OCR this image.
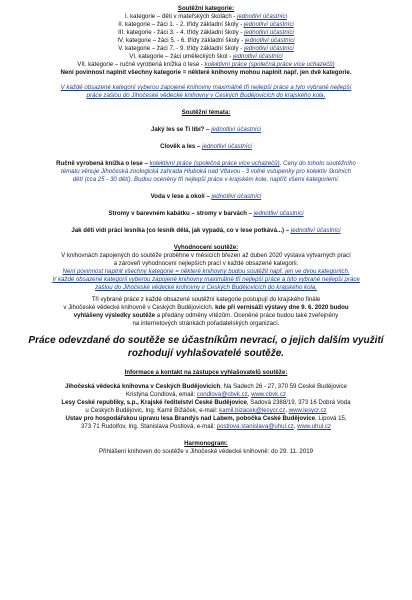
Soutěžní kategorie:
I. kategorie – děti v mateřských školách - jednotliví účastníci
II. kategorie – žáci 1. - 2. třídy základní školy - jednotliví účastníci
III. kategorie - žáci 3. - 4. třídy základní školy - jednotliví účastníci
IV. kategorie – žáci 5. - 6. třídy základní školy - jednotliví účastníci
V. kategorie – žáci 7. - 9. třídy základní školy - jednotliví účastníci
VI. kategorie – žáci uměleckých škol - jednotliví účastníci
VII. kategorie – ručně vyrobená knížka o lese - kolektivní práce (společná práce více uchazečů)
Není povinnost naplnit všechny kategorie = některé knihovny mohou naplnit např. jen dvě kategorie.
V každé obsazené kategorii vyberou zapojené knihovny maximálně tři nejlepší práce a tyto vybrané nejlepší
práce zašlou do Jihočeské vědecké knihovny v Českých Budějovicích do krajského kola.
Soutěžní témata:
Jaký les se Ti líbí? – jednotliví účastníci
Člověk a les – jednotliví účastníci
Ručně vyrobená knížka o lese – kolektivní práce (společná práce více uchazečů). Ceny do tohoto soutěžního
tématu věnuje Jihočeská zoologická zahrada Hluboká nad Vltavou - 3 volné vstupenky pro kolektiv školních
dětí (cca 25 - 30 dětí). Budou oceněny tři nejlepší práce v krajském kole, napříč všemi kategoriemi.
Voda v lese a okolí – jednotliví účastníci
Stromy v barevném kabátku – stromy v barvách – jednotliví účastníci
Jak děti vidí práci lesníka (co lesník dělá, jak vypadá, co v lese potkává...) – jednotliví účastníci
Vyhodnocení soutěže:
V knihovnách zapojených do soutěže proběhne v měsících březen až duben 2020 výstava výtvarných prací
a zároveň vyhodnocení nejlepších prací v každé obsazené kategorii.
Není povinnost naplnit všechny kategorie = některé knihovny budou soutěžit např. jen ve dvou kategoriích.
V každé obsazené kategorii vyberou zapojené knihovny maximálně tři nejlepší práce a tyto vybrané nejlepší práce
zašlou do Jihočeské vědecké knihovny v Českých Budějovicích do krajského kola.
Tři vybrané práce z každé obsazené soutěžní kategorie postupují do krajského finále
v Jihočeské vědecké knihovně v Českých Budějovicích, kde při vernisáži výstavy dne 9. 6. 2020 budou
vyhlášeny výsledky soutěže a předány odměny vítězům. Oceněné práce budou také zveřejněny
na internetových stránkách pořadatelských organizací.
Práce odevzdané do soutěže se účastníkům nevrací, o jejich dalším využití
rozhodují vyhlašovatelé soutěže.
Informace a kontakt na zástupce vyhlašovatelů soutěže:
Jihočeská vědecká knihovna v Českých Budějovicích, Na Sadech 26 - 27, 370 59 České Budějovice
Kristýna Čondlová, email: condlova@cbvk.cz, www.cbvk.cz
Lesy České republiky, s.p., Krajské ředitelství České Budějovice, Sadová 2388/19, 373 16 Dobrá Voda
u Českých Budějovic, Ing. Kamil Bížáček, e-mail: kamil.bizacek@lesycr.cz, www.lesycr.cz
Ústav pro hospodářskou úpravu lesa Brandýs nad Labem, pobočka České Budějovice, Lipová 15,
373 71 Rudolfov, Ing. Stanislava Postlová, e-mail: postlova.stanislava@uhul.cz, www.uhul.cz
Harmonogram:
Přihlášení knihoven do soutěže v Jihočeské vědecké knihovně: do 29. 11. 2019
